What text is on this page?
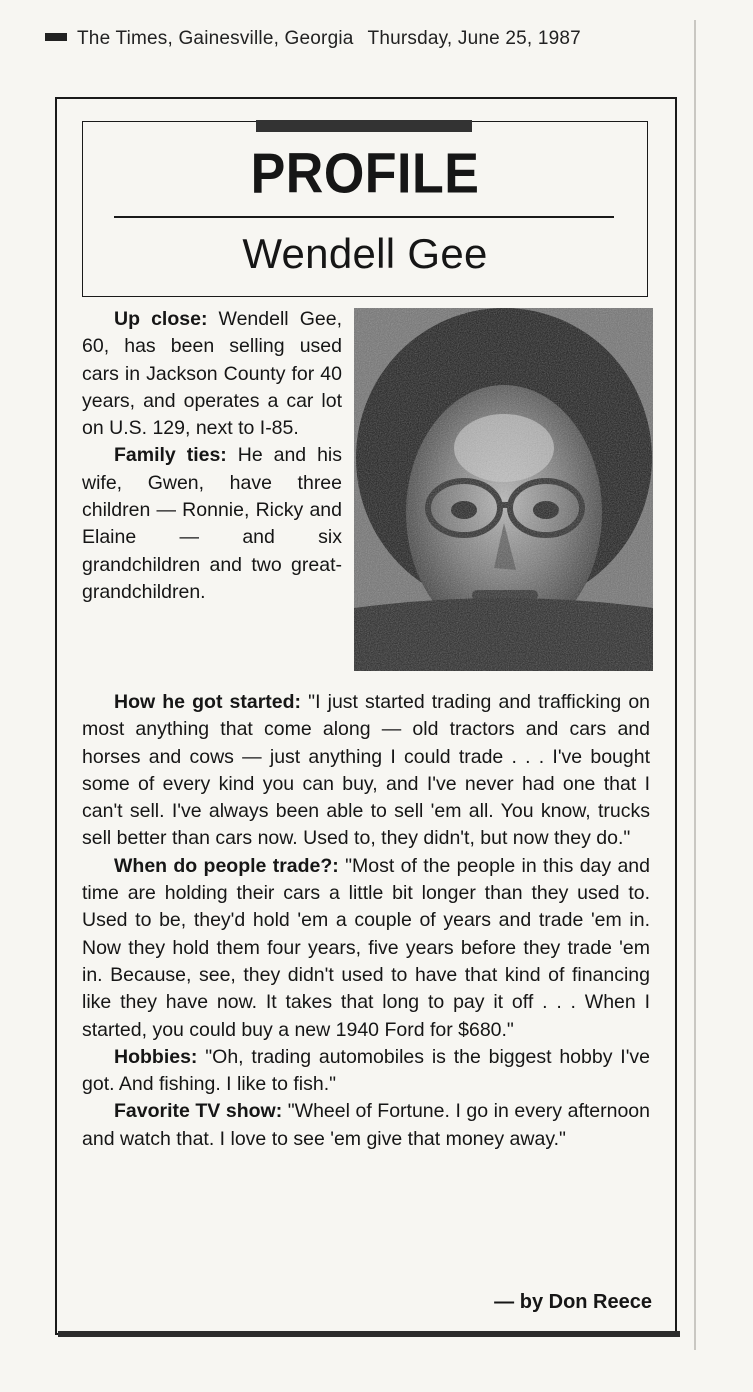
The Times, Gainesville, Georgia Thursday, June 25, 1987
PROFILE
Wendell Gee

Up close: Wendell Gee, 60, has been selling used cars in Jackson County for 40 years, and operates a car lot on U.S. 129, next to I-85.

Family ties: He and his wife, Gwen, have three children — Ronnie, Ricky and Elaine — and six grandchildren and two great-grandchildren.

How he got started: "I just started trading and trafficking on most anything that come along — old tractors and cars and horses and cows — just anything I could trade . . . I've bought some of every kind you can buy, and I've never had one that I can't sell. I've always been able to sell 'em all. You know, trucks sell better than cars now. Used to, they didn't, but now they do."

When do people trade?: "Most of the people in this day and time are holding their cars a little bit longer than they used to. Used to be, they'd hold 'em a couple of years and trade 'em in. Now they hold them four years, five years before they trade 'em in. Because, see, they didn't used to have that kind of financing like they have now. It takes that long to pay it off . . . When I started, you could buy a new 1940 Ford for $680."

Hobbies: "Oh, trading automobiles is the biggest hobby I've got. And fishing. I like to fish."

Favorite TV show: "Wheel of Fortune. I go in every afternoon and watch that. I love to see 'em give that money away."

— by Don Reece
